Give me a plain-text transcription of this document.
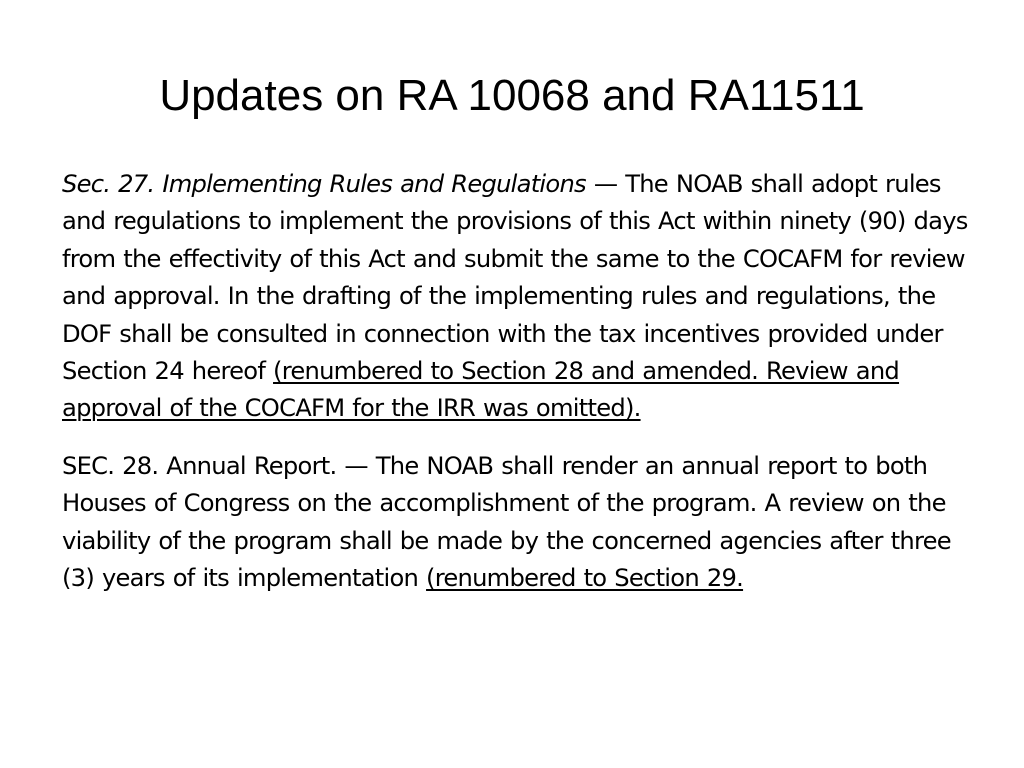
Updates on RA 10068 and RA11511

Sec. 27. Implementing Rules and Regulations — The NOAB shall adopt rules and regulations to implement the provisions of this Act within ninety (90) days from the effectivity of this Act and submit the same to the COCAFM for review and approval. In the drafting of the implementing rules and regulations, the DOF shall be consulted in connection with the tax incentives provided under Section 24 hereof (renumbered to Section 28 and amended. Review and approval of the COCAFM for the IRR was omitted).

SEC. 28. Annual Report. — The NOAB shall render an annual report to both Houses of Congress on the accomplishment of the program. A review on the viability of the program shall be made by the concerned agencies after three (3) years of its implementation (renumbered to Section 29.
